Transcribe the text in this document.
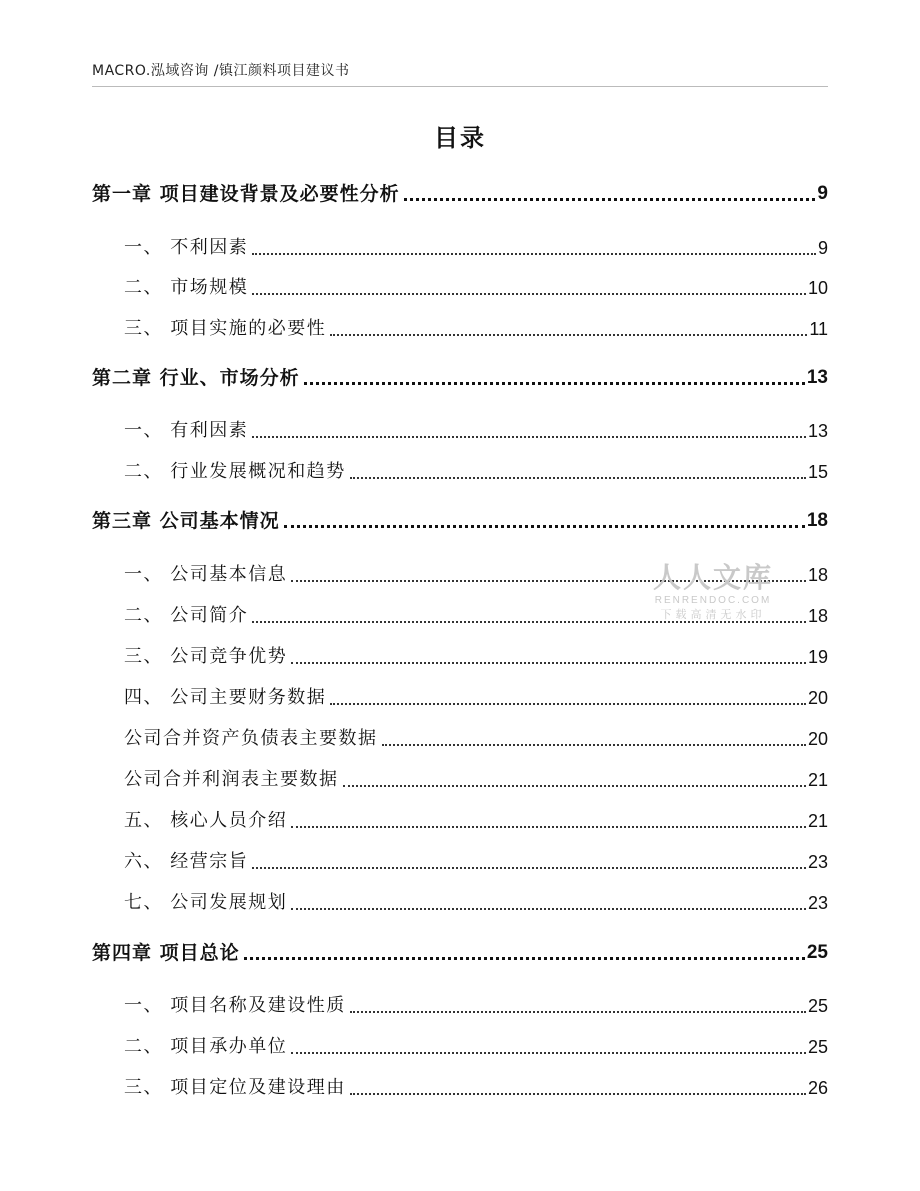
MACRO.泓域咨询 /镇江颜料项目建议书
目录
第一章 项目建设背景及必要性分析	9
一、 不利因素	9
二、 市场规模	10
三、 项目实施的必要性	11
第二章 行业、市场分析	13
一、 有利因素	13
二、 行业发展概况和趋势	15
第三章 公司基本情况	18
一、 公司基本信息	18
二、 公司简介	18
三、 公司竞争优势	19
四、 公司主要财务数据	20
公司合并资产负债表主要数据	20
公司合并利润表主要数据	21
五、 核心人员介绍	21
六、 经营宗旨	23
七、 公司发展规划	23
第四章 项目总论	25
一、 项目名称及建设性质	25
二、 项目承办单位	25
三、 项目定位及建设理由	26
人人文库
RENRENDOC.COM
下载高清无水印
